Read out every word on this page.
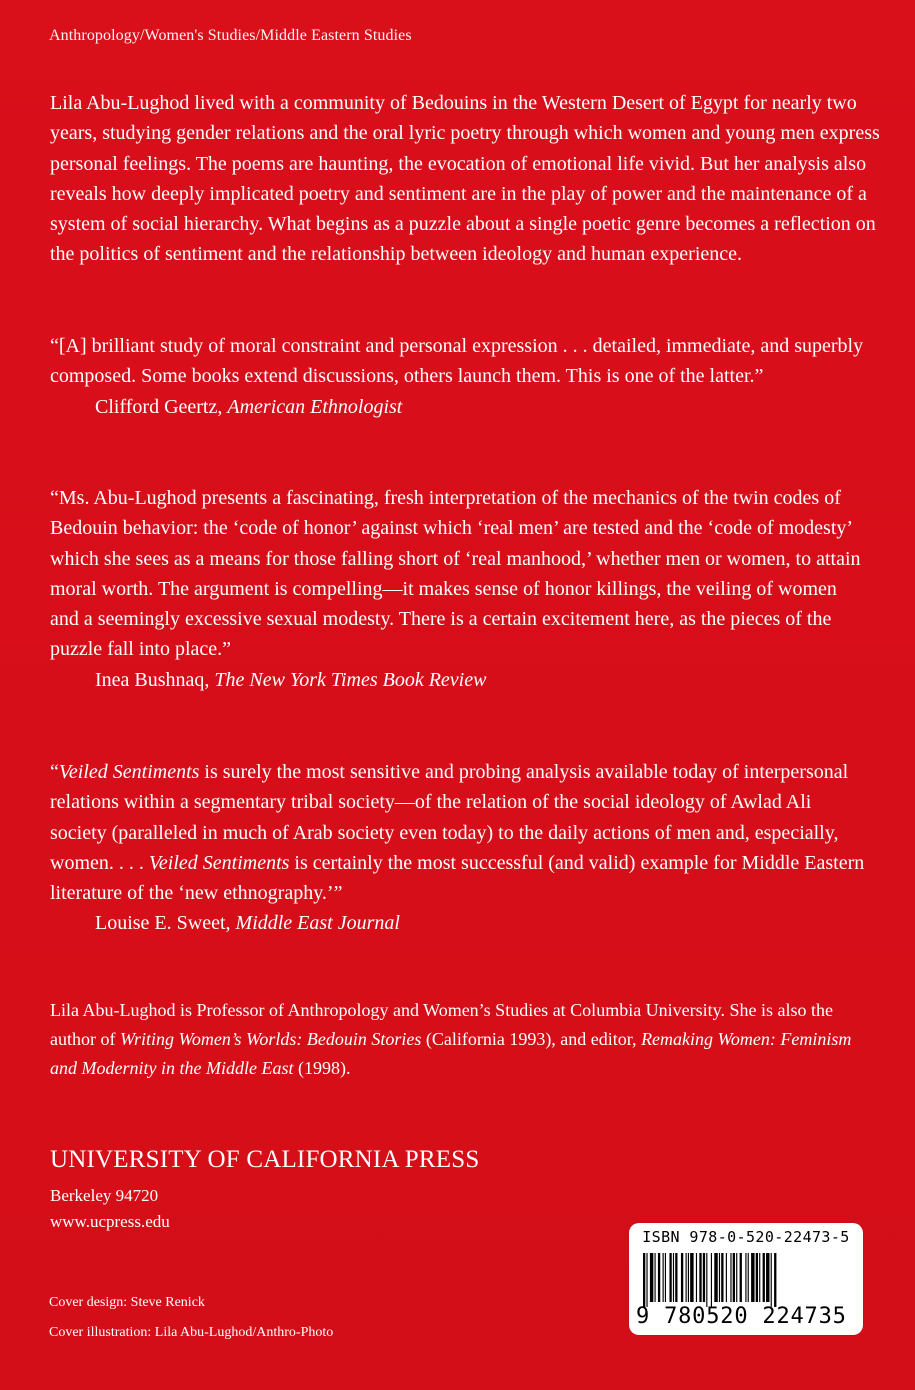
Anthropology/Women's Studies/Middle Eastern Studies
Lila Abu-Lughod lived with a community of Bedouins in the Western Desert of Egypt for nearly two years, studying gender relations and the oral lyric poetry through which women and young men express personal feelings. The poems are haunting, the evocation of emotional life vivid. But her analysis also reveals how deeply implicated poetry and sentiment are in the play of power and the maintenance of a system of social hierarchy. What begins as a puzzle about a single poetic genre becomes a reflection on the politics of sentiment and the relationship between ideology and human experience.
“[A] brilliant study of moral constraint and personal expression . . . detailed, immediate, and superbly composed. Some books extend discussions, others launch them. This is one of the latter.”
Clifford Geertz, American Ethnologist
“Ms. Abu-Lughod presents a fascinating, fresh interpretation of the mechanics of the twin codes of Bedouin behavior: the ‘code of honor’ against which ‘real men’ are tested and the ‘code of modesty’ which she sees as a means for those falling short of ‘real manhood,’ whether men or women, to attain moral worth. The argument is compelling—it makes sense of honor killings, the veiling of women and a seemingly excessive sexual modesty. There is a certain excitement here, as the pieces of the puzzle fall into place.”
Inea Bushnaq, The New York Times Book Review
“Veiled Sentiments is surely the most sensitive and probing analysis available today of interpersonal relations within a segmentary tribal society—of the relation of the social ideology of Awlad Ali society (paralleled in much of Arab society even today) to the daily actions of men and, especially, women. . . . Veiled Sentiments is certainly the most successful (and valid) example for Middle Eastern literature of the ‘new ethnography.’”
Louise E. Sweet, Middle East Journal
Lila Abu-Lughod is Professor of Anthropology and Women’s Studies at Columbia University. She is also the author of Writing Women’s Worlds: Bedouin Stories (California 1993), and editor, Remaking Women: Feminism and Modernity in the Middle East (1998).
UNIVERSITY OF CALIFORNIA PRESS
Berkeley 94720
www.ucpress.edu
Cover design: Steve Renick
Cover illustration: Lila Abu-Lughod/Anthro-Photo
ISBN 978-0-520-22473-5
9 780520 224735
